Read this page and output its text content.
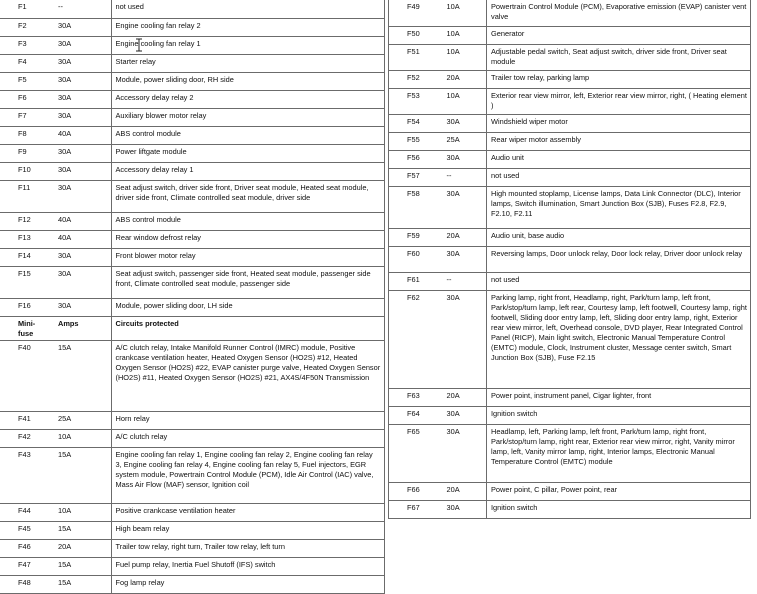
F1	--	not used
F2	30A	Engine cooling fan relay 2
F3	30A	Engine cooling fan relay 1
F4	30A	Starter relay
F5	30A	Module, power sliding door, RH side
F6	30A	Accessory delay relay 2
F7	30A	Auxiliary blower motor relay
F8	40A	ABS control module
F9	30A	Power liftgate module
F10	30A	Accessory delay relay 1
F11	30A	Seat adjust switch, driver side front, Driver seat module, Heated seat module, driver side front, Climate controlled seat module, driver side
F12	40A	ABS control module
F13	40A	Rear window defrost relay
F14	30A	Front blower motor relay
F15	30A	Seat adjust switch, passenger side front, Heated seat module, passenger side front, Climate controlled seat module, passenger side
F16	30A	Module, power sliding door, LH side
Mini-fuse	Amps	Circuits protected
F40	15A	A/C clutch relay, Intake Manifold Runner Control (IMRC) module, Positive crankcase ventilation heater, Heated Oxygen Sensor (HO2S) #12, Heated Oxygen Sensor (HO2S) #22, EVAP canister purge valve, Heated Oxygen Sensor (HO2S) #11, Heated Oxygen Sensor (HO2S) #21, AX4S/4F50N Transmission
F41	25A	Horn relay
F42	10A	A/C clutch relay
F43	15A	Engine cooling fan relay 1, Engine cooling fan relay 2, Engine cooling fan relay 3, Engine cooling fan relay 4, Engine cooling fan relay 5, Fuel injectors, EGR system module, Powertrain Control Module (PCM), Idle Air Control (IAC) valve, Mass Air Flow (MAF) sensor, Ignition coil
F44	10A	Positive crankcase ventilation heater
F45	15A	High beam relay
F46	20A	Trailer tow relay, right turn, Trailer tow relay, left turn
F47	15A	Fuel pump relay, Inertia Fuel Shutoff (IFS) switch
F48	15A	Fog lamp relay
F49	10A	Powertrain Control Module (PCM), Evaporative emission (EVAP) canister vent valve
F50	10A	Generator
F51	10A	Adjustable pedal switch, Seat adjust switch, driver side front, Driver seat module
F52	20A	Trailer tow relay, parking lamp
F53	10A	Exterior rear view mirror, left, Exterior rear view mirror, right, ( Heating element )
F54	30A	Windshield wiper motor
F55	25A	Rear wiper motor assembly
F56	30A	Audio unit
F57	--	not used
F58	30A	High mounted stoplamp, License lamps, Data Link Connector (DLC), Interior lamps, Switch illumination, Smart Junction Box (SJB), Fuses F2.8, F2.9, F2.10, F2.11
F59	20A	Audio unit, base audio
F60	30A	Reversing lamps, Door unlock relay, Door lock relay, Driver door unlock relay
F61	--	not used
F62	30A	Parking lamp, right front, Headlamp, right, Park/turn lamp, left front, Park/stop/turn lamp, left rear, Courtesy lamp, left footwell, Courtesy lamp, right footwell, Sliding door entry lamp, left, Sliding door entry lamp, right, Exterior rear view mirror, left, Overhead console, DVD player, Rear Integrated Control Panel (RICP), Main light switch, Electronic Manual Temperature Control (EMTC) module, Clock, Instrument cluster, Message center switch, Smart Junction Box (SJB), Fuse F2.15
F63	20A	Power point, instrument panel, Cigar lighter, front
F64	30A	Ignition switch
F65	30A	Headlamp, left, Parking lamp, left front, Park/turn lamp, right front, Park/stop/turn lamp, right rear, Exterior rear view mirror, right, Vanity mirror lamp, left, Vanity mirror lamp, right, Interior lamps, Electronic Manual Temperature Control (EMTC) module
F66	20A	Power point, C pillar, Power point, rear
F67	30A	Ignition switch
